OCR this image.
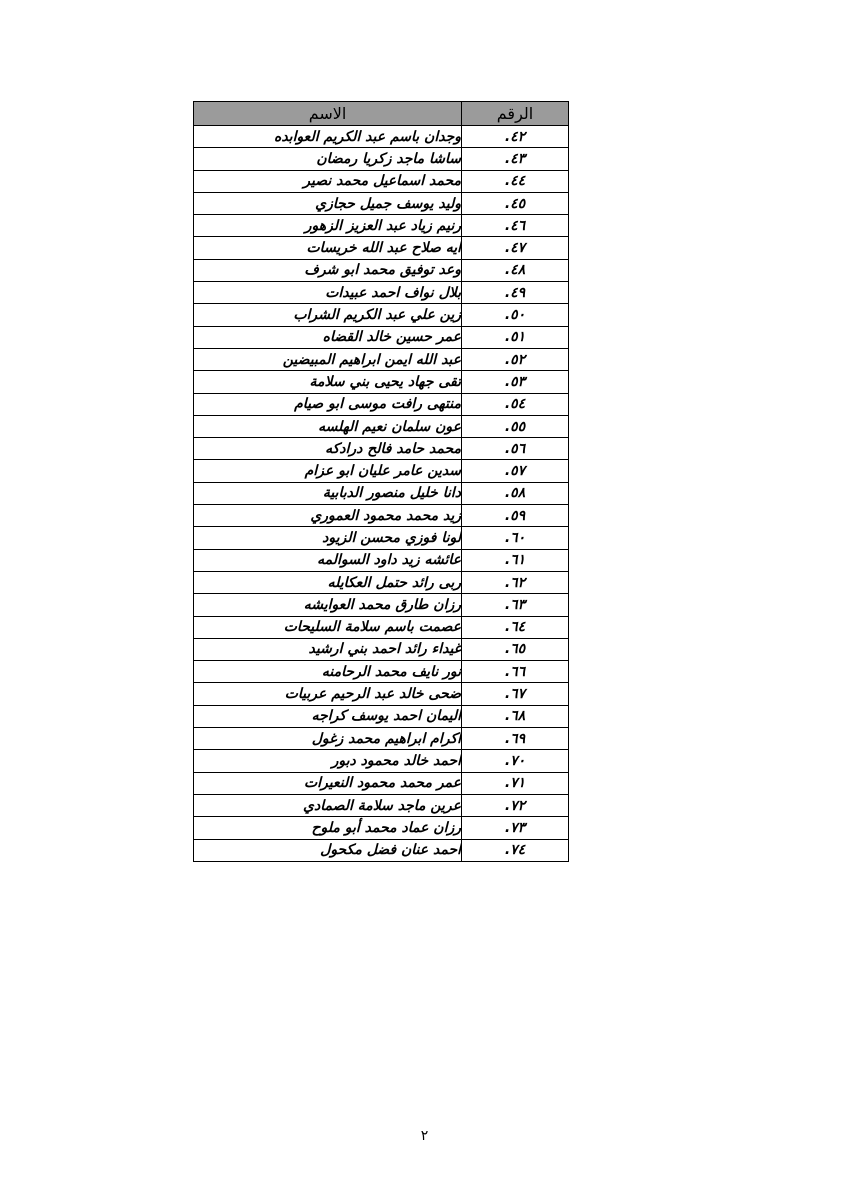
الرقم	الاسم
٤٢.	وجدان باسم عبد الكريم العوابده
٤٣.	ساشا ماجد زكريا رمضان
٤٤.	محمد اسماعيل محمد نصير
٤٥.	وليد يوسف جميل حجازي
٤٦.	رنيم زياد عبد العزيز الزهور
٤٧.	ايه صلاح عبد الله خريسات
٤٨.	وعد توفيق محمد ابو شرف
٤٩.	بلال نواف احمد عبيدات
٥٠.	زين علي عبد الكريم الشراب
٥١.	عمر حسين خالد القضاه
٥٢.	عبد الله ايمن ابراهيم المبيضين
٥٣.	تقى جهاد يحيى بني سلامة
٥٤.	منتهى رافت موسى ابو صيام
٥٥.	عون سلمان نعيم الهلسه
٥٦.	محمد حامد فالح درادكه
٥٧.	سدين عامر عليان ابو عزام
٥٨.	دانا خليل منصور الدبابية
٥٩.	زيد محمد محمود العموري
٦٠.	لونا فوزي محسن الزيود
٦١.	عائشه زيد داود السوالمه
٦٢.	ربى رائد حتمل العكايله
٦٣.	رزان طارق محمد العوايشه
٦٤.	عصمت باسم سلامة السليحات
٦٥.	غيداء رائد احمد بني ارشيد
٦٦.	نور نايف محمد الرحامنه
٦٧.	ضحى خالد عبد الرحيم عربيات
٦٨.	اليمان احمد يوسف كراجه
٦٩.	اكرام ابراهيم محمد زغول
٧٠.	احمد خالد محمود دبور
٧١.	عمر محمد محمود النعيرات
٧٢.	عرين ماجد سلامة الصمادي
٧٣.	رزان عماد محمد أبو ملوح
٧٤.	احمد عنان فضل مكحول
٢
